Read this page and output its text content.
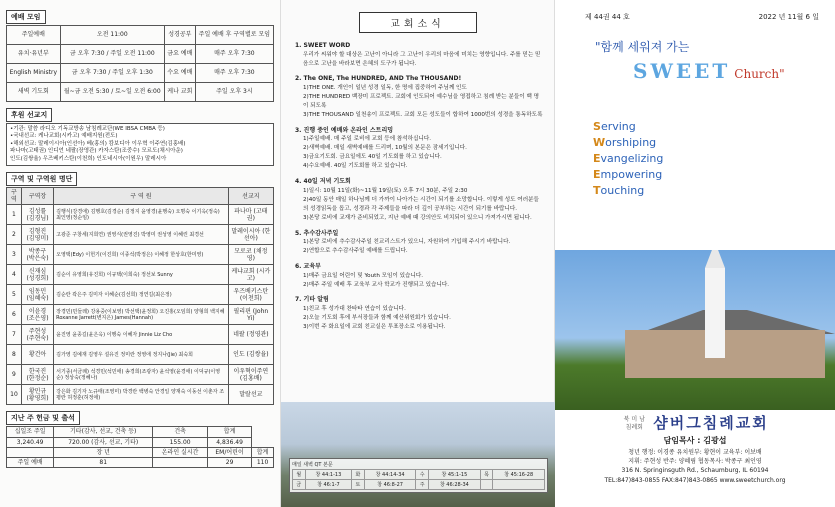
예배 모임
주일예배	오전 11:00	성경공부	주일 예배 후 구역별로 모임
유치·유년부	금 오후 7:30 / 주일 오전 11:00	금요 예배	매주 오후 7:30
English Ministry	금 오후 7:30 / 주일 오후 1:30	수요 예배	매주 오후 7:30
새벽 기도회	월~금 오전 5:30 / 토~일 오전 6:00	케나 교회	주일 오후 3시
후원 선교지
•기관: 말씀 라디오 기독교방송 남침례교단(WE IBSA CMBA 등)
•국내선교: 케나교회(시카고) 예배지원(전도)
•해외선교: 말레이시아(인선아) 베(홍의) 캄보디아 이우혁 이주연(김홍배)
파나마(고태권) 인디언 네팔(장영관) 카자스탄(조중수) 모르도(채시아운)
인도(김쌍율) 우즈베키스탄(이천희) 인도네시아(이원우) 말레시아
구역 및 구역원 명단
구역	구역장	구 역 원	선교지
1	김성률 (김경님)	김행식(강경애) 김행호(김경순) 김정지 윤영경(윤행숙) 오명숙 이기옥(정숙) 최인영(정순임)	파나마 (고태권)
2	김형진 (김영미)	고광준 구창세(지희연) 권영식(권영진) 박영미 권성영 이혜린 최경선	말레이시아 (한선아)
3	박종구 (박은숙)	오영택(Edy) 이헌기(이진희) 이종석(박정은) 이혜정 한상호(한미영)	모로코 (채정영)
4	신재심 (성경희)	김순이 유영희(유진희) 이규택(이희숙) 정선보 Sunny	케냐교회 (시카고)
5	임동민 (임혜숙)	김순란 곽은주 김미자 이혜순(김선희) 정연길(최은정)	우즈베키스탄 (이천희)
6	이윤경 (조은영)	장경민(민들레) 강용중(이보영) 박선택(윤정희) 오진홍(오임희) 양형희 백지혜 Roxanne Jarrett(변지은) James(Hannah)	필리핀 (John Yi)
7	주현성 (주현숙)	윤진영 윤종길(윤은옥) 이행숙 이혜자 Jinnie Liz Cho	네팔 (정영관)
8	황건아	김가영 김예재 김영우 설유진 정미란 정영애 정지나(Jie) 최숙희	인도 (김쌍율)
9	한국진 (한정순)	서기종(서금례) 석경민(석민애) 송경희(조광자) 윤석영(윤경애) 이덕규(이영순) 정상숙(정혜나)	이우혁이주연 (김홍배)
10	황민규 (황영희)	강은화 김기자 노규태(조영미) 박경란 백병숙 안경일 양재숙 이동선 이춘자 조평란 허정훈(허정애)	말랄선교
지난 주 헌금 및 출석
십일조 주일	기타(감사, 선교, 건축 등)	건축	합계	
3,240.49	720.00 (감사, 선교, 기타)	155.00	4,836.49	
	장 년	온라인 실시간	EM/어린이	합계
주일 예배	81		29	110
교회소식
1. SWEET WORD

우리가 씨워야 할 대상은 고난이 아니라 그 고난이 우리의 마음에 미치는 영향입니다. 주를 믿는 믿음으로 고난을 바라보면 은혜의 도구가 됩니다.

2. The ONE, The HUNDRED, AND The THOUSAND!

1)THE ONE. 개인이 일년 성경 일독, 한 명에 집중하여 주님께 인도

2)THE HUNDRED 백장미 프로젝트. 교회에 인도되어 예수님을 영접하고 침례 받는 분들이 백 명이 되도록

3)THE THOUSAND 일천송이 프로젝트. 교회 모든 성도들이 합하여 1000번의 성경을 통독하도록

3. 진행 중인 예배와 온라인 스트리밍

1)주일예배. 매 주일 로비에 교회 등에 참석하십니다.

2)새벽예배. 매일 새벽예배를 드리며, 10월의 본문은 잠세기입니다.

3)금요기도회. 금요일에도 40일 기도회를 하고 있습니다.

4)수요예배. 40일 기도회를 하고 있습니다.

4. 40일 저녁 기도회

1)일시: 10월 11일(화)~11월 19일(토) 오후 7시 30분, 주일 2:30

2)40일 동안 매일 하나님께 더 가까이 나아가는 시간이 되기를 소망합니다. 이렇게 성도 여러분들의 성경읽독을 돕고, 성경과 각 주제들을 따라 더 깊이 공부하는 시간이 되기를 바랍니다.

3)본당 로비에 교재가 준비되었고, 지난 예배 때 강의안도 비치되어 있으니 가져가시면 됩니다.

5. 추수감사주일

1)본당 로비에 추수감사주일 친교리스트가 있으니, 자원하여 기입해 주시기 바랍니다.

2)연합으로 추수감사주일 예배를 드립니다.

6. 교육부

1)매주 금요일 어린이 및 Youth 모임이 있습니다.

2)매주 주일 예배 후 교육부 교사 학교가 진행되고 있습니다.

7. 기타 알림

1)친교 후 성가대 찬타타 연습이 있습니다.

2)오늘 기도회 후에 부서장들과 함께 예산위원회가 있습니다.

3)이번 주 화요일에 교회 친교실은 투표장소로 이용됩니다.

매일 새벽 QT 본문
월	창 44:1-13	화	창 44:14-34	수	창 45:1-15	목	창 45:16-28
금	창 46:1-7	토	창 46:8-27	주	창 46:28-34		
제 44권 44 호	2022 년 11월 6 일
"함께 세워져 가는
SWEET Church"
Serving
Worshiping
Evangelizing
Empowering
Touching
북 미 남침례회 샴버그침례교회
담임목사 : 김광섭
청년 행정: 이경종 유치원부: 황현이 교육부: 이보배
지휘: 주현성 반주: 양혜림 협동목사: 박종구 최인영
316 N. Springinsguth Rd., Schaumburg, IL 60194
TEL:847)843-0855 FAX:847)843-0865 www.sweetchurch.org
